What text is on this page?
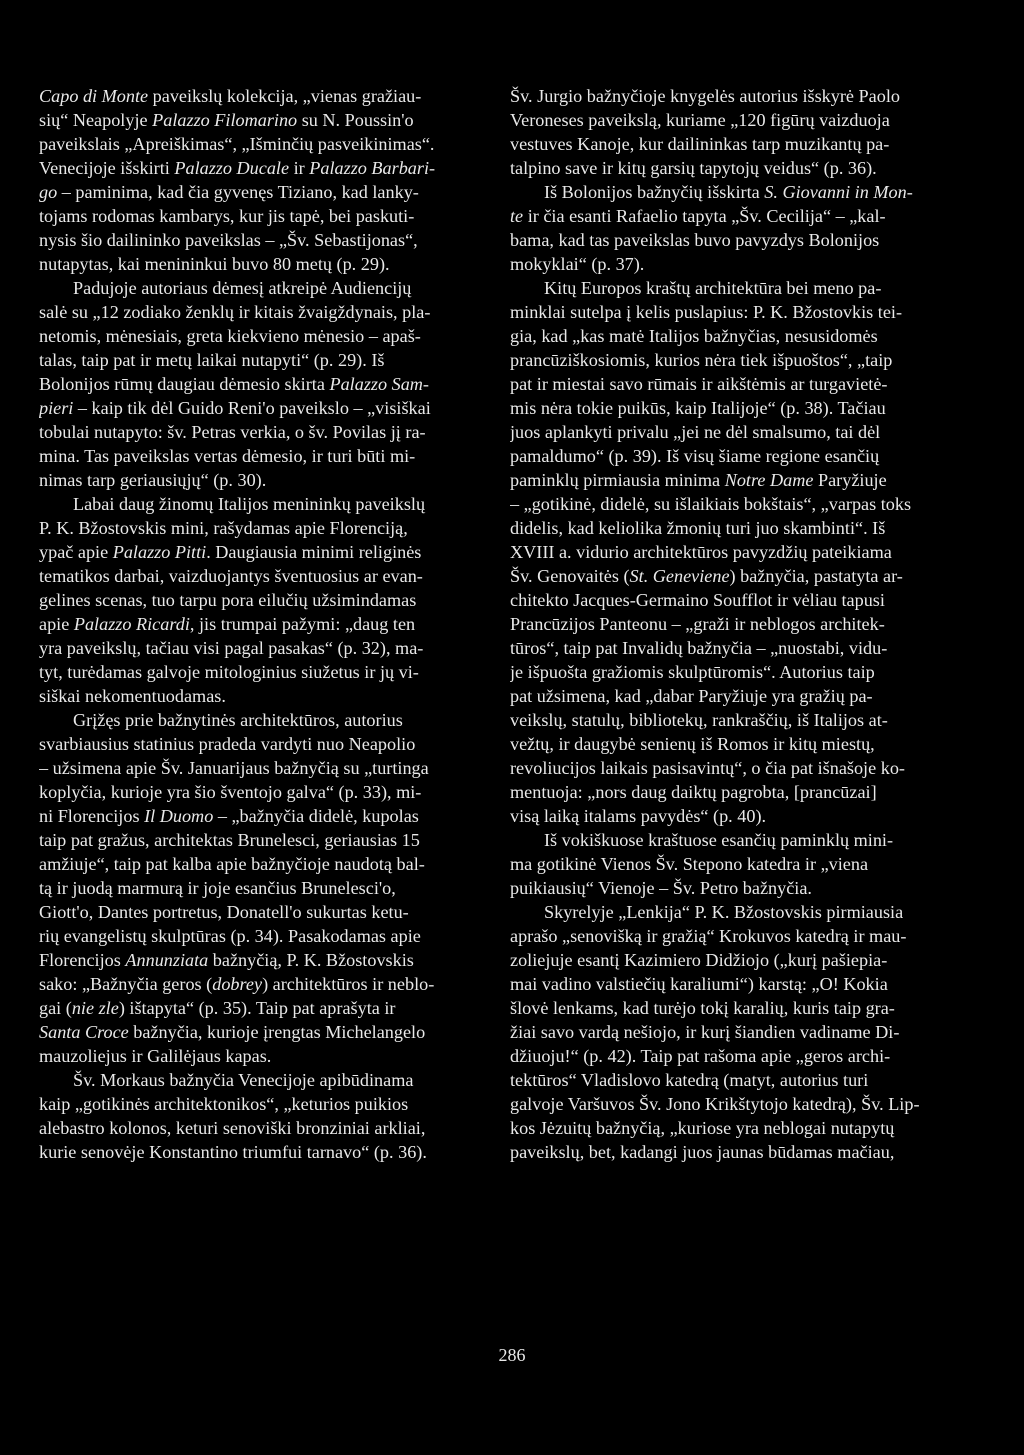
Capo di Monte paveikslų kolekcija, „vienas gražiau-
sių“ Neapolyje Palazzo Filomarino su N. Poussin'o
paveikslais „Apreiškimas“, „Išminčių pasveikinimas“.
Venecijoje išskirti Palazzo Ducale ir Palazzo Barbari-
go – paminima, kad čia gyvenęs Tiziano, kad lanky-
tojams rodomas kambarys, kur jis tapė, bei paskuti-
nysis šio dailininko paveikslas – „Šv. Sebastijonas“,
nutapytas, kai menininkui buvo 80 metų (p. 29).
Padujoje autoriaus dėmesį atkreipė Audiencijų
salė su „12 zodiako ženklų ir kitais žvaigždynais, pla-
netomis, mėnesiais, greta kiekvieno mėnesio – apaš-
talas, taip pat ir metų laikai nutapyti“ (p. 29). Iš
Bolonijos rūmų daugiau dėmesio skirta Palazzo Sam-
pieri – kaip tik dėl Guido Reni'o paveikslo – „visiškai
tobulai nutapyto: šv. Petras verkia, o šv. Povilas jį ra-
mina. Tas paveikslas vertas dėmesio, ir turi būti mi-
nimas tarp geriausiųjų“ (p. 30).
Labai daug žinomų Italijos menininkų paveikslų
P. K. Bžostovskis mini, rašydamas apie Florenciją,
ypač apie Palazzo Pitti. Daugiausia minimi religinės
tematikos darbai, vaizduojantys šventuosius ar evan-
gelines scenas, tuo tarpu pora eilučių užsimindamas
apie Palazzo Ricardi, jis trumpai pažymi: „daug ten
yra paveikslų, tačiau visi pagal pasakas“ (p. 32), ma-
tyt, turėdamas galvoje mitologinius siužetus ir jų vi-
siškai nekomentuodamas.
Grįžęs prie bažnytinės architektūros, autorius
svarbiausius statinius pradeda vardyti nuo Neapolio
– užsimena apie Šv. Januarijaus bažnyčią su „turtinga
koplyčia, kurioje yra šio šventojo galva“ (p. 33), mi-
ni Florencijos Il Duomo – „bažnyčia didelė, kupolas
taip pat gražus, architektas Brunelesci, geriausias 15
amžiuje“, taip pat kalba apie bažnyčioje naudotą bal-
tą ir juodą marmurą ir joje esančius Brunelesci'o,
Giott'o, Dantes portretus, Donatell'o sukurtas ketu-
rių evangelistų skulptūras (p. 34). Pasakodamas apie
Florencijos Annunziata bažnyčią, P. K. Bžostovskis
sako: „Bažnyčia geros (dobrey) architektūros ir neblo-
gai (nie zle) ištapyta“ (p. 35). Taip pat aprašyta ir
Santa Croce bažnyčia, kurioje įrengtas Michelangelo
mauzoliejus ir Galilėjaus kapas.
Šv. Morkaus bažnyčia Venecijoje apibūdinama
kaip „gotikinės architektonikos“, „keturios puikios
alebastro kolonos, keturi senoviški bronziniai arkliai,
kurie senovėje Konstantino triumfui tarnavo“ (p. 36).
Šv. Jurgio bažnyčioje knygelės autorius išskyrė Paolo
Veroneses paveikslą, kuriame „120 figūrų vaizduoja
vestuves Kanoje, kur dailininkas tarp muzikantų pa-
talpino save ir kitų garsių tapytojų veidus“ (p. 36).
Iš Bolonijos bažnyčių išskirta S. Giovanni in Mon-
te ir čia esanti Rafaelio tapyta „Šv. Cecilija“ – „kal-
bama, kad tas paveikslas buvo pavyzdys Bolonijos
mokyklai“ (p. 37).
Kitų Europos kraštų architektūra bei meno pa-
minklai sutelpa į kelis puslapius: P. K. Bžostovkis tei-
gia, kad „kas matė Italijos bažnyčias, nesusidomės
prancūziškosiomis, kurios nėra tiek išpuoštos“, „taip
pat ir miestai savo rūmais ir aikštėmis ar turgavietė-
mis nėra tokie puikūs, kaip Italijoje“ (p. 38). Tačiau
juos aplankyti privalu „jei ne dėl smalsumo, tai dėl
pamaldumo“ (p. 39). Iš visų šiame regione esančių
paminklų pirmiausia minima Notre Dame Paryžiuje
– „gotikinė, didelė, su išlaikiais bokštais“, „varpas toks
didelis, kad keliolika žmonių turi juo skambinti“. Iš
XVIII a. vidurio architektūros pavyzdžių pateikiama
Šv. Genovaitės (St. Geneviene) bažnyčia, pastatyta ar-
chitekto Jacques-Germaino Soufflot ir vėliau tapusi
Prancūzijos Panteonu – „graži ir neblogos architek-
tūros“, taip pat Invalidų bažnyčia – „nuostabi, vidu-
je išpuošta gražiomis skulptūromis“. Autorius taip
pat užsimena, kad „dabar Paryžiuje yra gražių pa-
veikslų, statulų, bibliotekų, rankraščių, iš Italijos at-
vežtų, ir daugybė senienų iš Romos ir kitų miestų,
revoliucijos laikais pasisavintų“, o čia pat išnašoje ko-
mentuoja: „nors daug daiktų pagrobta, [prancūzai]
visą laiką italams pavydės“ (p. 40).
Iš vokiškuose kraštuose esančių paminklų mini-
ma gotikinė Vienos Šv. Stepono katedra ir „viena
puikiausių“ Vienoje – Šv. Petro bažnyčia.
Skyrelyje „Lenkija“ P. K. Bžostovskis pirmiausia
aprašo „senovišką ir gražią“ Krokuvos katedrą ir mau-
zoliejuje esantį Kazimiero Didžiojo („kurį pašiepia-
mai vadino valstiečių karaliumi“) karstą: „O! Kokia
šlovė lenkams, kad turėjo tokį karalių, kuris taip gra-
žiai savo vardą nešiojo, ir kurį šiandien vadiname Di-
džiuoju!“ (p. 42). Taip pat rašoma apie „geros archi-
tektūros“ Vladislovo katedrą (matyt, autorius turi
galvoje Varšuvos Šv. Jono Krikštytojo katedrą), Šv. Lip-
kos Jėzuitų bažnyčią, „kuriose yra neblogai nutapytų
paveikslų, bet, kadangi juos jaunas būdamas mačiau,
286
